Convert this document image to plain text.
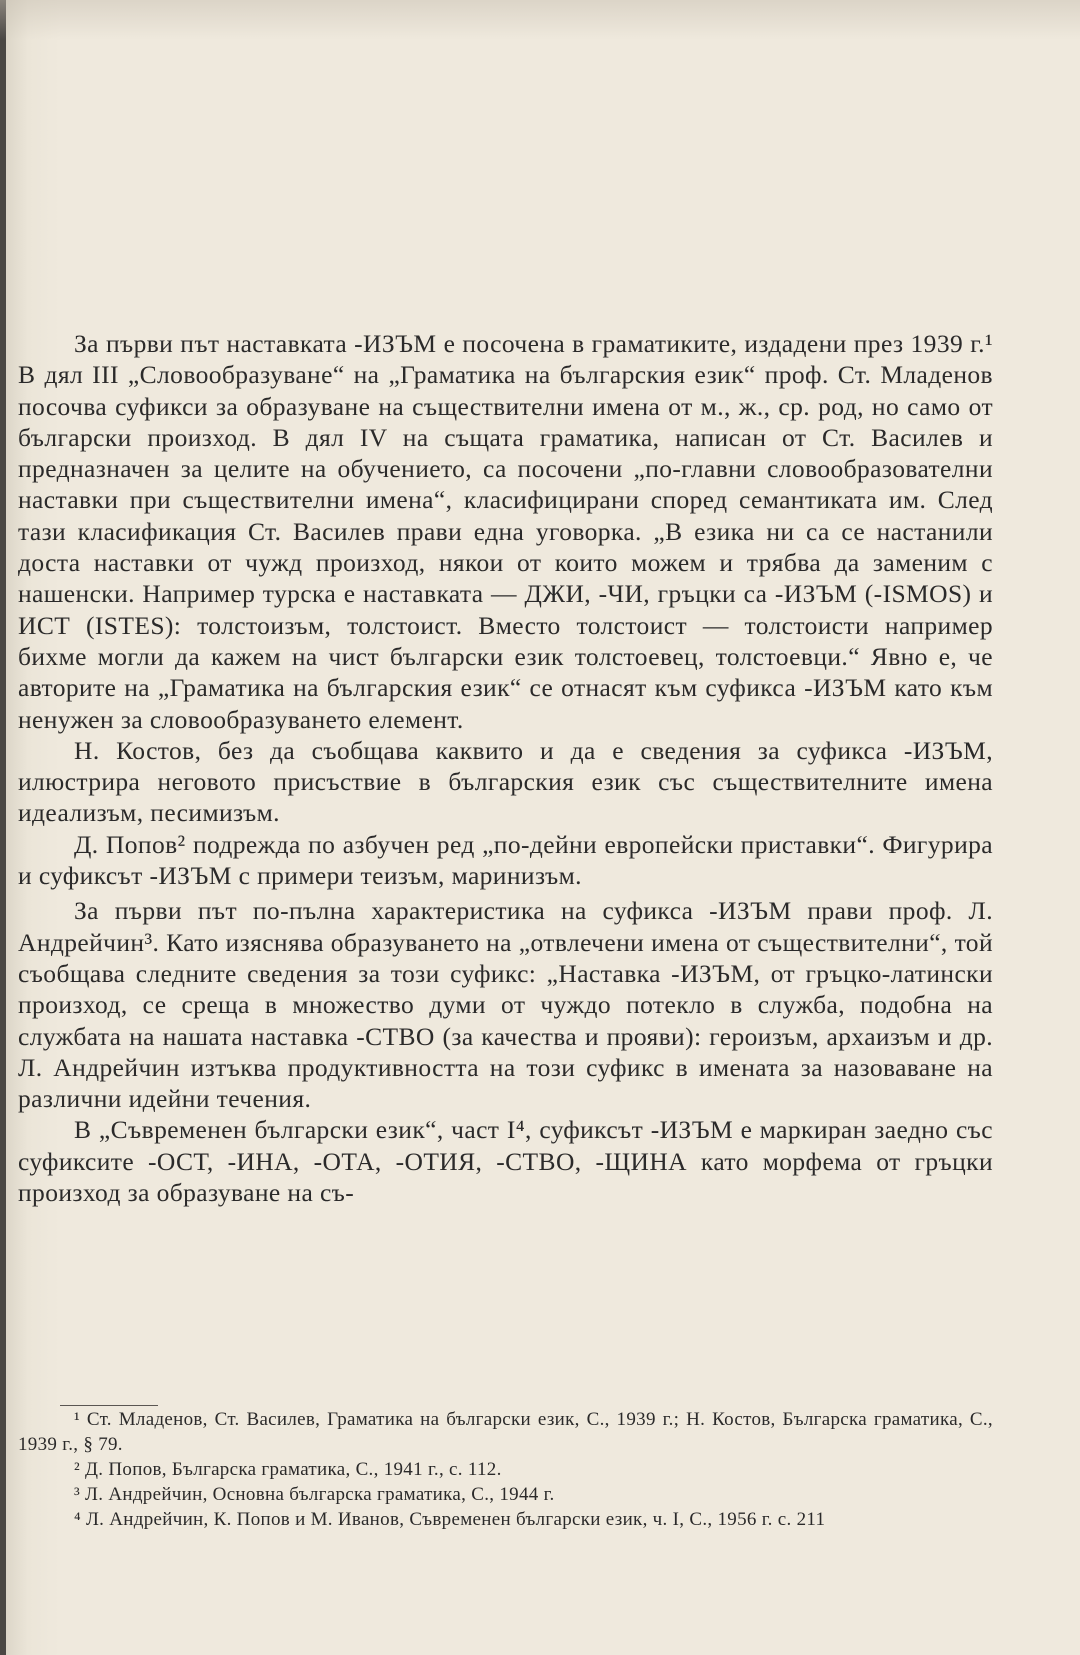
За първи път наставката -ИЗЪМ е посочена в граматиките, издадени през 1939 г.¹ В дял III „Словообразуване“ на „Граматика на българския език“ проф. Ст. Младенов посочва суфикси за образуване на съществителни имена от м., ж., ср. род, но само от български произход. В дял IV на същата граматика, написан от Ст. Василев и предназначен за целите на обучението, са посочени „по-главни словообразователни наставки при съществителни имена“, класифицирани според семантиката им. След тази класификация Ст. Василев прави една уговорка. „В езика ни са се настанили доста наставки от чужд произход, някои от които можем и трябва да заменим с нашенски. Например турска е наставката — ДЖИ, -ЧИ, гръцки са -ИЗЪМ (-ISMOS) и ИСТ (ISTES): толстоизъм, толстоист. Вместо толстоист — толстоисти например бихме могли да кажем на чист български език толстоевец, толстоевци.“ Явно е, че авторите на „Граматика на българския език“ се отнасят към суфикса -ИЗЪМ като към ненужен за словообразуването елемент.

Н. Костов, без да съобщава каквито и да е сведения за суфикса -ИЗЪМ, илюстрира неговото присъствие в българския език със съществителните имена идеализъм, песимизъм.

Д. Попов² подрежда по азбучен ред „по-дейни европейски приставки“. Фигурира и суфиксът -ИЗЪМ с примери теизъм, маринизъм.

За първи път по-пълна характеристика на суфикса -ИЗЪМ прави проф. Л. Андрейчин³. Като изяснява образуването на „отвлечени имена от съществителни“, той съобщава следните сведения за този суфикс: „Наставка -ИЗЪМ, от гръцко-латински произход, се среща в множество думи от чуждо потекло в служба, подобна на службата на нашата наставка -СТВО (за качества и прояви): героизъм, архаизъм и др. Л. Андрейчин изтъква продуктивността на този суфикс в имената за назоваване на различни идейни течения.

В „Съвременен български език“, част I⁴, суфиксът -ИЗЪМ е маркиран заедно със суфиксите -ОСТ, -ИНА, -ОТА, -ОТИЯ, -СТВО, -ЩИНА като морфема от гръцки произход за образуване на съ-

¹ Ст. Младенов, Ст. Василев, Граматика на български език, С., 1939 г.; Н. Костов, Българска граматика, С., 1939 г., § 79.

² Д. Попов, Българска граматика, С., 1941 г., с. 112.

³ Л. Андрейчин, Основна българска граматика, С., 1944 г.

⁴ Л. Андрейчин, К. Попов и М. Иванов, Съвременен български език, ч. I, С., 1956 г. с. 211
